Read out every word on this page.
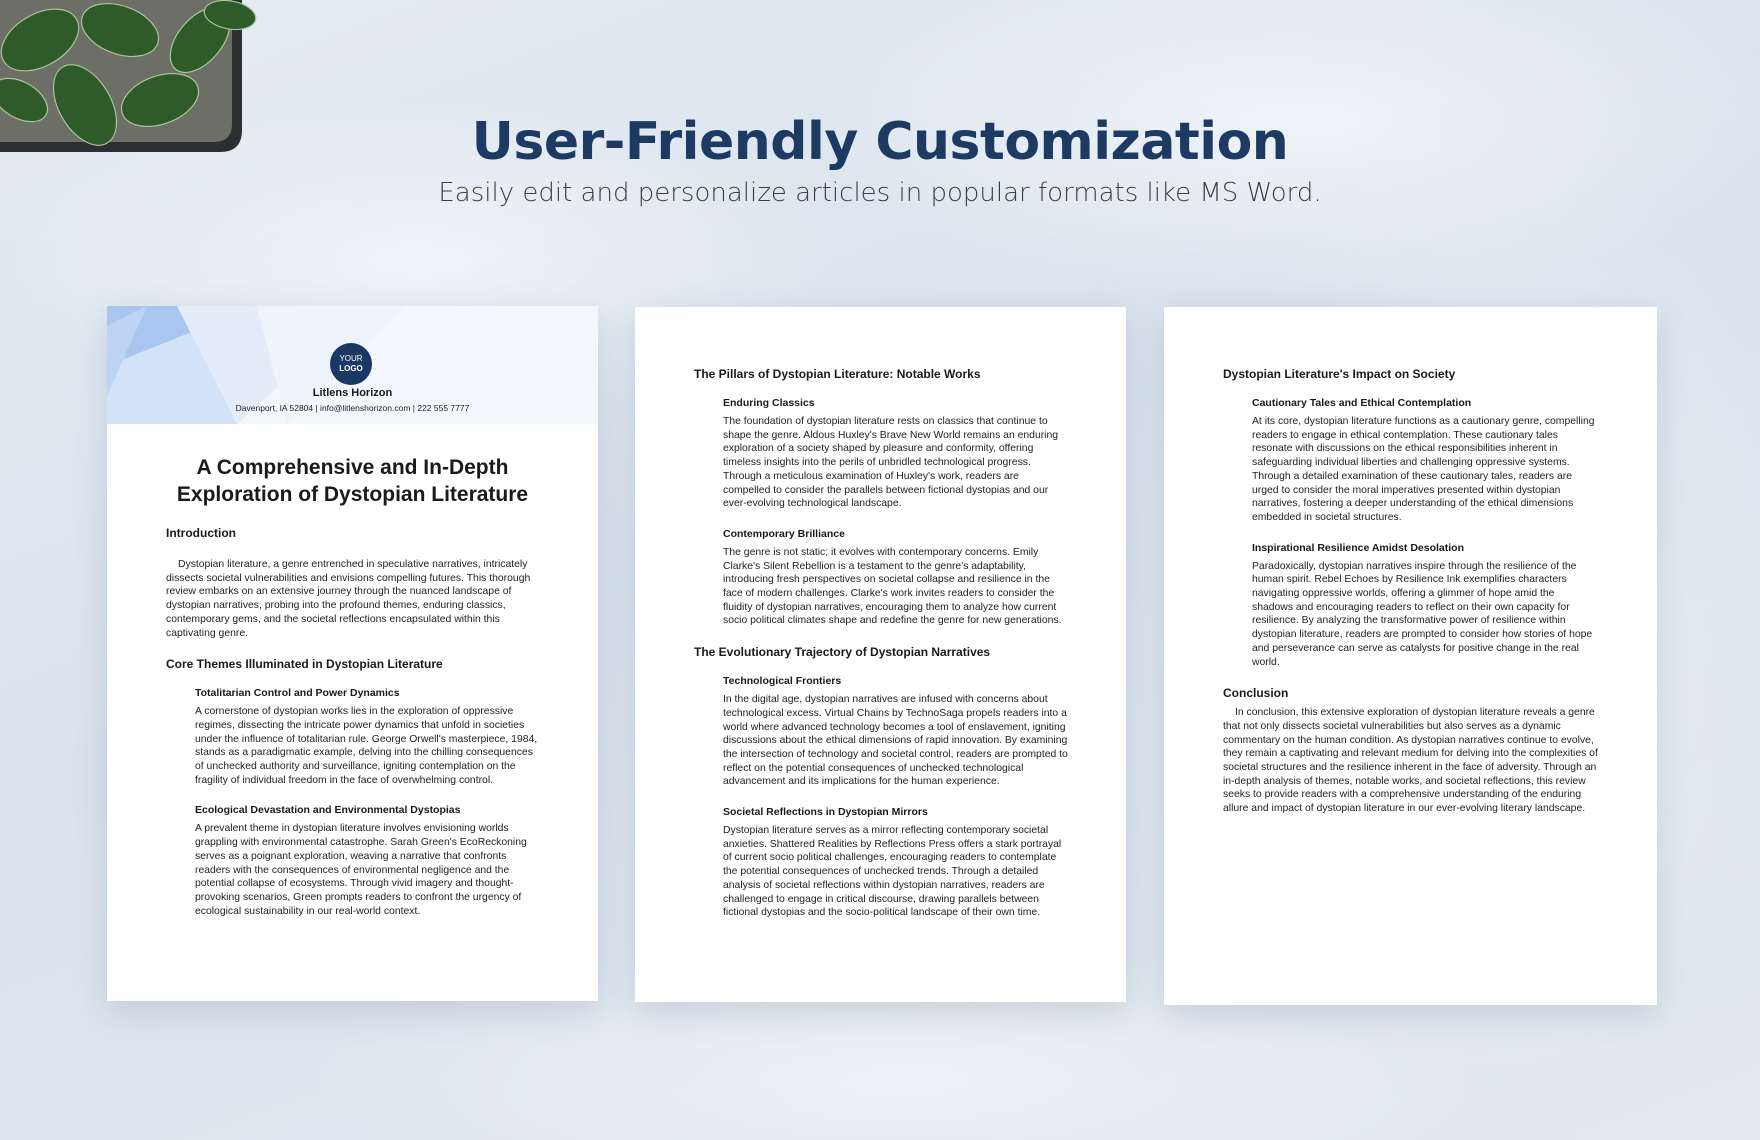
User-Friendly Customization
Easily edit and personalize articles in popular formats like MS Word.
YOUR
LOGO
Litlens Horizon
Davenport, IA 52804 | info@litlenshorizon.com | 222 555 7777
A Comprehensive and In-Depth
Exploration of Dystopian Literature
Introduction

Dystopian literature, a genre entrenched in speculative narratives, intricately dissects societal vulnerabilities and envisions compelling futures. This thorough review embarks on an extensive journey through the nuanced landscape of dystopian narratives, probing into the profound themes, enduring classics, contemporary gems, and the societal reflections encapsulated within this captivating genre.

Core Themes Illuminated in Dystopian Literature
Totalitarian Control and Power Dynamics

A cornerstone of dystopian works lies in the exploration of oppressive regimes, dissecting the intricate power dynamics that unfold in societies under the influence of totalitarian rule. George Orwell's masterpiece, 1984, stands as a paradigmatic example, delving into the chilling consequences of unchecked authority and surveillance, igniting contemplation on the fragility of individual freedom in the face of overwhelming control.

Ecological Devastation and Environmental Dystopias

A prevalent theme in dystopian literature involves envisioning worlds grappling with environmental catastrophe. Sarah Green's EcoReckoning serves as a poignant exploration, weaving a narrative that confronts readers with the consequences of environmental negligence and the potential collapse of ecosystems. Through vivid imagery and thought-provoking scenarios, Green prompts readers to confront the urgency of ecological sustainability in our real-world context.

The Pillars of Dystopian Literature: Notable Works
Enduring Classics

The foundation of dystopian literature rests on classics that continue to shape the genre. Aldous Huxley's Brave New World remains an enduring exploration of a society shaped by pleasure and conformity, offering timeless insights into the perils of unbridled technological progress. Through a meticulous examination of Huxley's work, readers are compelled to consider the parallels between fictional dystopias and our ever-evolving technological landscape.

Contemporary Brilliance

The genre is not static; it evolves with contemporary concerns. Emily Clarke's Silent Rebellion is a testament to the genre's adaptability, introducing fresh perspectives on societal collapse and resilience in the face of modern challenges. Clarke's work invites readers to consider the fluidity of dystopian narratives, encouraging them to analyze how current socio political climates shape and redefine the genre for new generations.

The Evolutionary Trajectory of Dystopian Narratives
Technological Frontiers

In the digital age, dystopian narratives are infused with concerns about technological excess. Virtual Chains by TechnoSaga propels readers into a world where advanced technology becomes a tool of enslavement, igniting discussions about the ethical dimensions of rapid innovation. By examining the intersection of technology and societal control, readers are prompted to reflect on the potential consequences of unchecked technological advancement and its implications for the human experience.

Societal Reflections in Dystopian Mirrors

Dystopian literature serves as a mirror reflecting contemporary societal anxieties. Shattered Realities by Reflections Press offers a stark portrayal of current socio political challenges, encouraging readers to contemplate the potential consequences of unchecked trends. Through a detailed analysis of societal reflections within dystopian narratives, readers are challenged to engage in critical discourse, drawing parallels between fictional dystopias and the socio-political landscape of their own time.

Dystopian Literature's Impact on Society
Cautionary Tales and Ethical Contemplation

At its core, dystopian literature functions as a cautionary genre, compelling readers to engage in ethical contemplation. These cautionary tales resonate with discussions on the ethical responsibilities inherent in safeguarding individual liberties and challenging oppressive systems. Through a detailed examination of these cautionary tales, readers are urged to consider the moral imperatives presented within dystopian narratives, fostering a deeper understanding of the ethical dimensions embedded in societal structures.

Inspirational Resilience Amidst Desolation

Paradoxically, dystopian narratives inspire through the resilience of the human spirit. Rebel Echoes by Resilience Ink exemplifies characters navigating oppressive worlds, offering a glimmer of hope amid the shadows and encouraging readers to reflect on their own capacity for resilience. By analyzing the transformative power of resilience within dystopian literature, readers are prompted to consider how stories of hope and perseverance can serve as catalysts for positive change in the real world.

Conclusion

In conclusion, this extensive exploration of dystopian literature reveals a genre that not only dissects societal vulnerabilities but also serves as a dynamic commentary on the human condition. As dystopian narratives continue to evolve, they remain a captivating and relevant medium for delving into the complexities of societal structures and the resilience inherent in the face of adversity. Through an in-depth analysis of themes, notable works, and societal reflections, this review seeks to provide readers with a comprehensive understanding of the enduring allure and impact of dystopian literature in our ever-evolving literary landscape.
